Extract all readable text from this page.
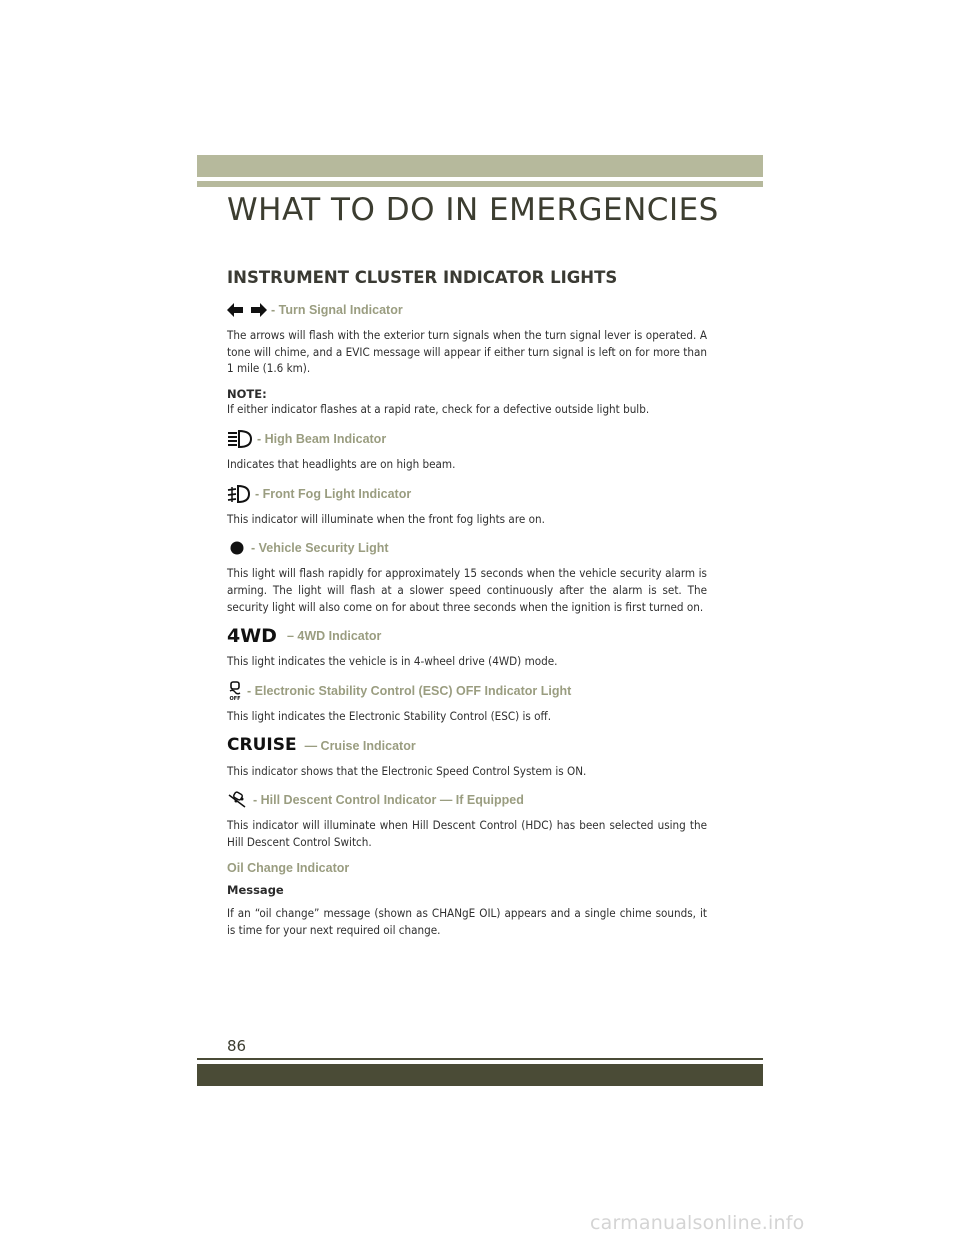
WHAT TO DO IN EMERGENCIES
INSTRUMENT CLUSTER INDICATOR LIGHTS
- Turn Signal Indicator

The arrows will flash with the exterior turn signals when the turn signal lever is operated. A tone will chime, and a EVIC message will appear if either turn signal is left on for more than 1 mile (1.6 km).

NOTE:

If either indicator flashes at a rapid rate, check for a defective outside light bulb.

- High Beam Indicator

Indicates that headlights are on high beam.

- Front Fog Light Indicator

This indicator will illuminate when the front fog lights are on.

- Vehicle Security Light

This light will flash rapidly for approximately 15 seconds when the vehicle security alarm is arming. The light will flash at a slower speed continuously after the alarm is set. The security light will also come on for about three seconds when the ignition is first turned on.

4WD – 4WD Indicator

This light indicates the vehicle is in 4-wheel drive (4WD) mode.

OFF
- Electronic Stability Control (ESC) OFF Indicator Light

This light indicates the Electronic Stability Control (ESC) is off.

CRUISE — Cruise Indicator

This indicator shows that the Electronic Speed Control System is ON.

- Hill Descent Control Indicator — If Equipped

This indicator will illuminate when Hill Descent Control (HDC) has been selected using the Hill Descent Control Switch.

Oil Change Indicator
Message

If an “oil change” message (shown as CHANgE OIL) appears and a single chime sounds, it is time for your next required oil change.

86
carmanualsonline.info
